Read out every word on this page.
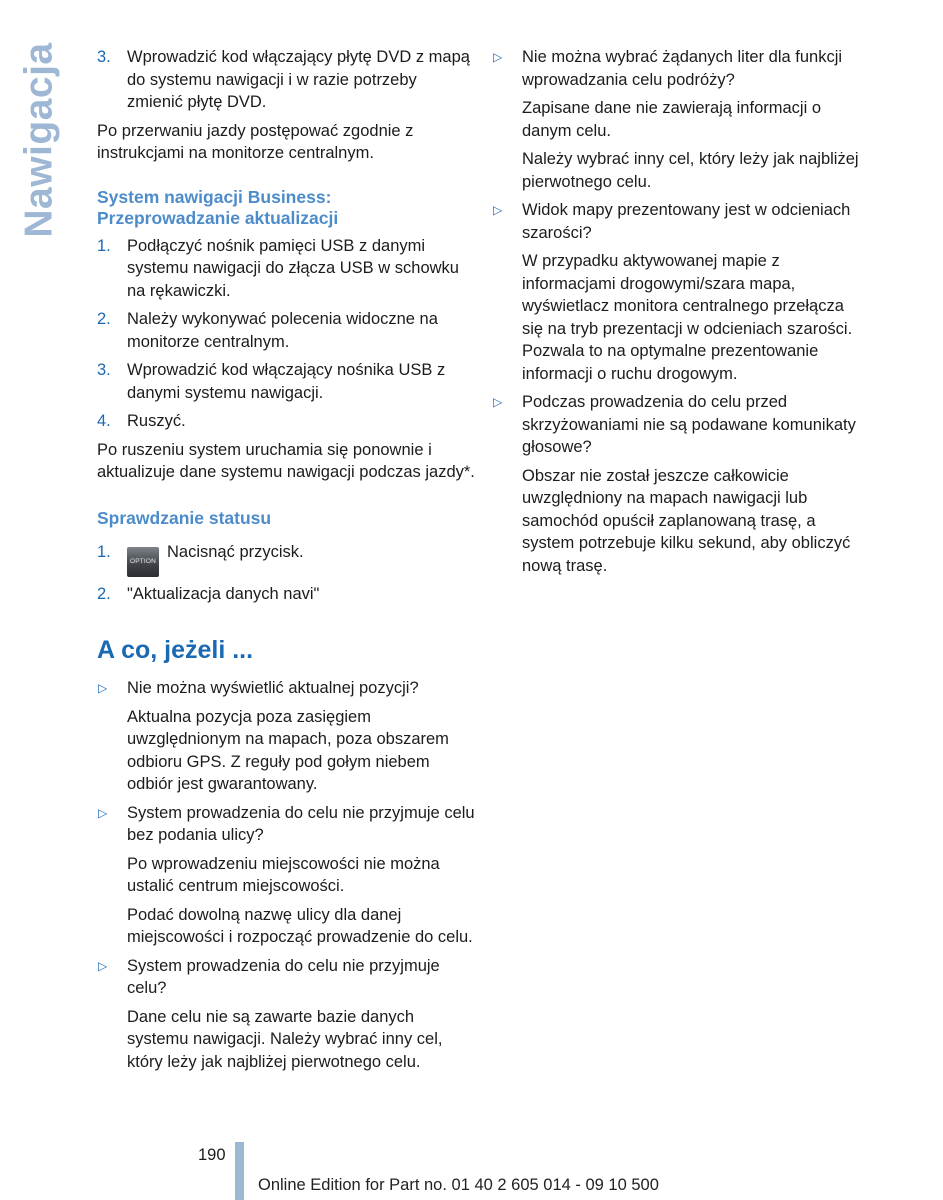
Nawigacja 3. Wprowadzić kod włączający płytę DVD z mapą do systemu nawigacji i w razie potrzeby zmienić płytę DVD.

Po przerwaniu jazdy postępować zgodnie z instrukcjami na monitorze centralnym.

System nawigacji Business: Przeprowadzanie aktualizacji
1. Podłączyć nośnik pamięci USB z danymi systemu nawigacji do złącza USB w schowku na rękawiczki.
2. Należy wykonywać polecenia widoczne na monitorze centralnym.
3. Wprowadzić kod włączający nośnika USB z danymi systemu nawigacji.
4. Ruszyć.

Po ruszeniu system uruchamia się ponownie i aktualizuje dane systemu nawigacji podczas jazdy*.

Sprawdzanie statusu
1.
OPTIONNacisnąć przycisk.
2. "Aktualizacja danych navi"
A co, jeżeli ...
▷ Nie można wyświetlić aktualnej pozycji?

Aktualna pozycja poza zasięgiem uwzględnionym na mapach, poza obszarem odbioru GPS. Z reguły pod gołym niebem odbiór jest gwarantowany.

▷ System prowadzenia do celu nie przyjmuje celu bez podania ulicy?

Po wprowadzeniu miejscowości nie można ustalić centrum miejscowości.

Podać dowolną nazwę ulicy dla danej miejscowości i rozpocząć prowadzenie do celu.

▷ System prowadzenia do celu nie przyjmuje celu?

Dane celu nie są zawarte bazie danych systemu nawigacji. Należy wybrać inny cel, który leży jak najbliżej pierwotnego celu.

▷ Nie można wybrać żądanych liter dla funkcji wprowadzania celu podróży?

Zapisane dane nie zawierają informacji o danym celu.

Należy wybrać inny cel, który leży jak najbliżej pierwotnego celu.

▷ Widok mapy prezentowany jest w odcieniach szarości?

W przypadku aktywowanej mapie z informacjami drogowymi/szara mapa, wyświetlacz monitora centralnego przełącza się na tryb prezentacji w odcieniach szarości. Pozwala to na optymalne prezentowanie informacji o ruchu drogowym.

▷ Podczas prowadzenia do celu przed skrzyżowaniami nie są podawane komunikaty głosowe?

Obszar nie został jeszcze całkowicie uwzględniony na mapach nawigacji lub samochód opuścił zaplanowaną trasę, a system potrzebuje kilku sekund, aby obliczyć nową trasę.

190
Online Edition for Part no. 01 40 2 605 014 - 09 10 500
